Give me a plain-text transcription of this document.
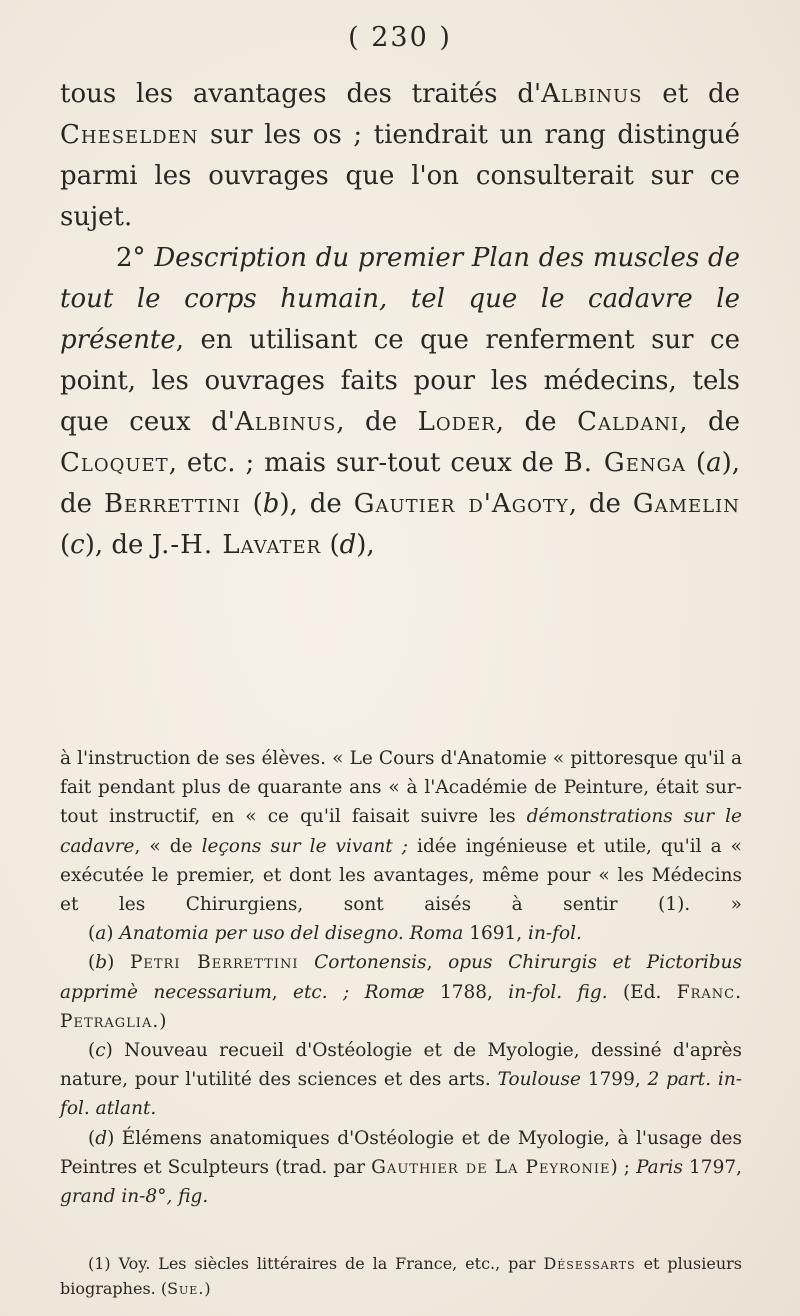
( 230 )

tous les avantages des traités d'Albinus et de Cheselden sur les os ; tiendrait un rang distingué parmi les ouvrages que l'on consulterait sur ce sujet.

2° Description du premier Plan des muscles de tout le corps humain, tel que le cadavre le présente, en utilisant ce que renferment sur ce point, les ouvrages faits pour les médecins, tels que ceux d'Albinus, de Loder, de Caldani, de Cloquet, etc. ; mais sur-tout ceux de B. Genga (a), de Berrettini (b), de Gautier d'Agoty, de Gamelin (c), de J.-H. Lavater (d),

à l'instruction de ses élèves. « Le Cours d'Anatomie « pittoresque qu'il a fait pendant plus de quarante ans « à l'Académie de Peinture, était sur-tout instructif, en « ce qu'il faisait suivre les démonstrations sur le cadavre, « de leçons sur le vivant ; idée ingénieuse et utile, qu'il a « exécutée le premier, et dont les avantages, même pour « les Médecins et les Chirurgiens, sont aisés à sentir (1). »

(a) Anatomia per uso del disegno. Roma 1691, in-fol.

(b) Petri Berrettini Cortonensis, opus Chirurgis et Pictoribus apprimè necessarium, etc. ; Romæ 1788, in-fol. fig. (Ed. Franc. Petraglia.)

(c) Nouveau recueil d'Ostéologie et de Myologie, dessiné d'après nature, pour l'utilité des sciences et des arts. Toulouse 1799, 2 part. in-fol. atlant.

(d) Élémens anatomiques d'Ostéologie et de Myologie, à l'usage des Peintres et Sculpteurs (trad. par Gauthier de La Peyronie) ; Paris 1797, grand in-8°, fig.

(1) Voy. Les siècles littéraires de la France, etc., par Désessarts et plusieurs biographes. (Sue.)
